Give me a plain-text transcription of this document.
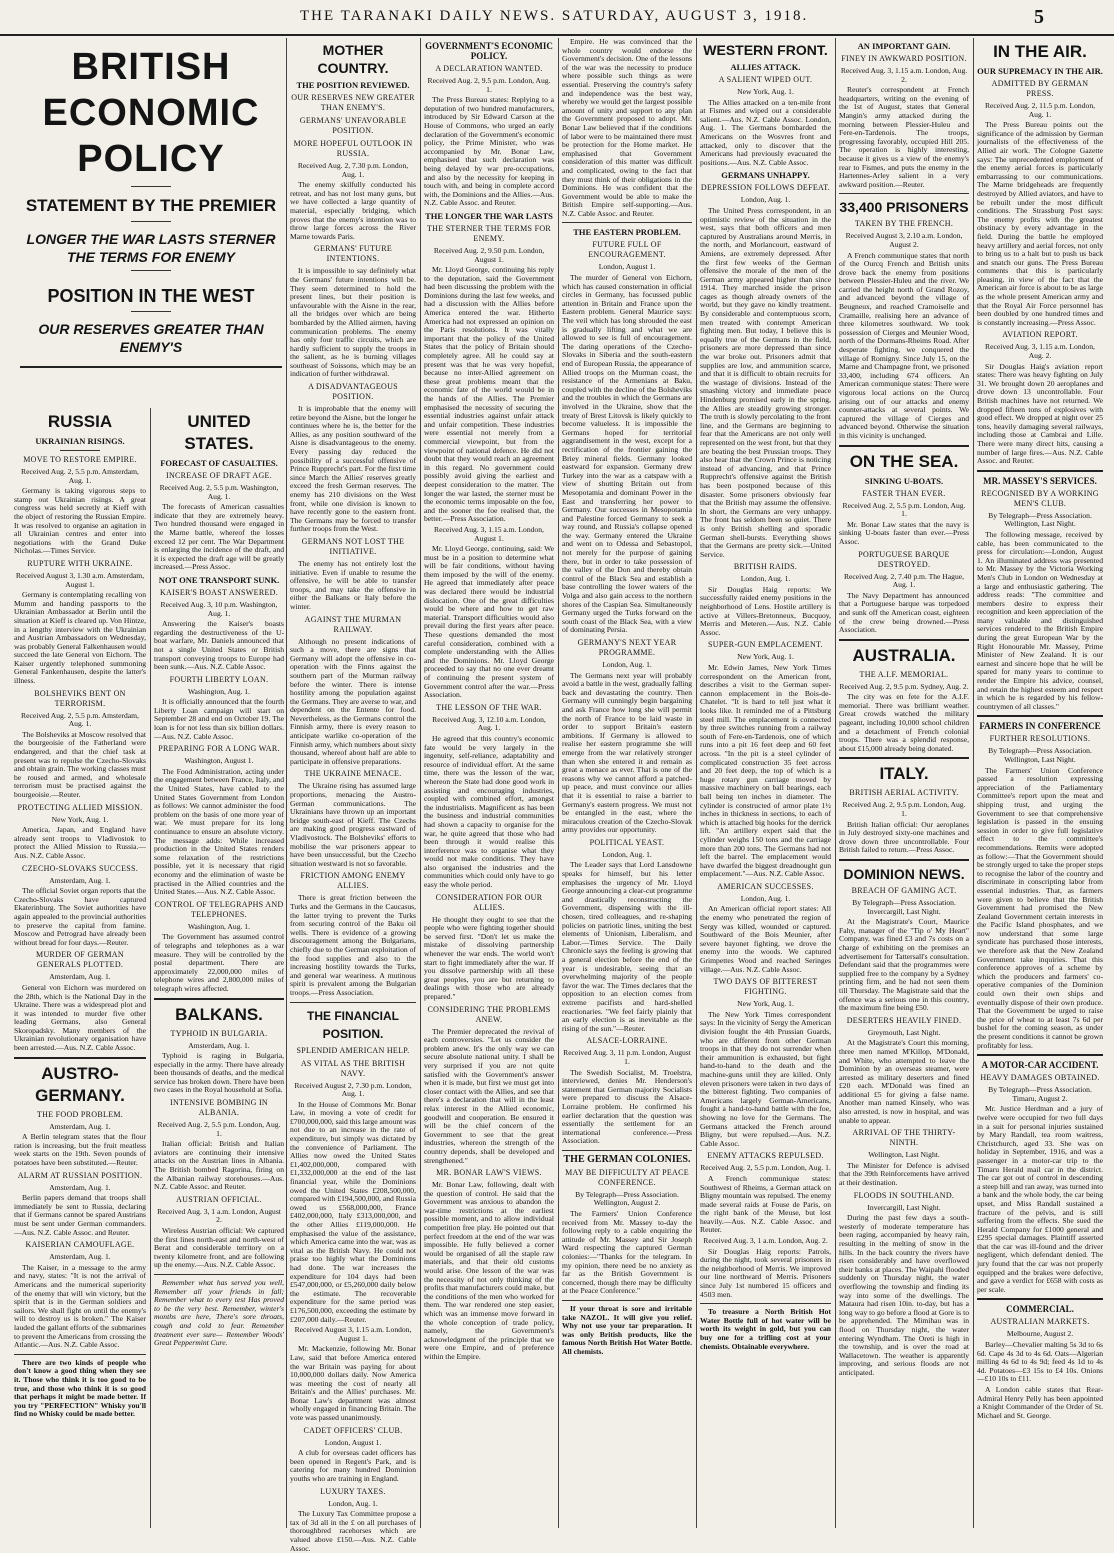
THE TARANAKI DAILY NEWS. SATURDAY, AUGUST 3, 1918.	5
BRITISH ECONOMIC POLICY
STATEMENT BY THE PREMIER
LONGER THE WAR LASTS STERNER THE TERMS FOR ENEMY
POSITION IN THE WEST
OUR RESERVES GREATER THAN ENEMY'S
RUSSIA
UKRAINIAN RISINGS.
MOVE TO RESTORE EMPIRE.
Received Aug. 2, 5.5 p.m. Amsterdam, Aug. 1.

Germany is taking vigorous steps to stamp out Ukrainian risings. A great congress was held secretly at Kieff with the object of restoring the Russian Empire. It was resolved to organise an agitation in all Ukrainian centres and enter into negotiations with the Grand Duke Nicholas.—Times Service.

RUPTURE WITH UKRAINE.
Received August 3, 1.30 a.m. Amsterdam, August 1.

Germany is contemplating recalling von Mumm and handing passports to the Ukrainian Ambassador at Berlin until the situation at Kieff is cleared up. Von Hintze, in a lengthy interview with the Ukrainian and Austrian Ambassadors on Wednesday, was probably General Falkenhausen would succeed the late General von Eichorn. The Kaiser urgently telephoned summoning General Fankenhausen, despite the latter's illness.

BOLSHEVIKS BENT ON TERRORISM.
Received Aug. 2, 5.5 p.m. Amsterdam, Aug. 1.

The Bolsheviks at Moscow resolved that the bourgeoisie of the Fatherland were endangered, and that the chief task at present was to repulse the Czecho-Slovaks and obtain grain. The working classes must be roused and armed, and wholesale terrorism must be practised against the bourgeoisie.—Reuter.

PROTECTING ALLIED MISSION.
New York, Aug. 1.

America, Japan, and England have already sent troops to Vladivostok to protect the Allied Mission to Russia.—Aus. N.Z. Cable Assoc.

CZECHO-SLOVAKS SUCCESS.
Amsterdam, Aug. 1.

The official Soviet organ reports that the Czecho-Slovaks have captured Ekaterinburg. The Soviet authorities have again appealed to the provincial authorities to preserve the capital from famine. Moscow and Petrograd have already been without bread for four days.—Reuter.

MURDER OF GERMAN GENERALS PLOTTED.
Amsterdam, Aug. 1.

General von Eichorn was murdered on the 28th, which is the National Day in the Ukraine. There was a widespread plot and it was intended to murder five other leading Germans, also General Skoropadsky. Many members of the Ukrainian revolutionary organisation have been arrested.—Aus. N.Z. Cable Assoc.

AUSTRO-GERMANY.
THE FOOD PROBLEM.
Amsterdam, Aug. 1.

A Berlin telegram states that the flour ration is increasing, but the fruit meatless week starts on the 19th. Seven pounds of potatoes have been substituted.—Reuter.

ALARM AT RUSSIAN POSITION.
Amsterdam, Aug. 1.

Berlin papers demand that troops shall immediately be sent to Russia, declaring that if Germans cannot be spared Austrians must be sent under German commanders.—Aus. N.Z. Cable Assoc. and Reuter.

KAISERIAN CAMOUFLAGE.
Amsterdam, Aug. 1.

The Kaiser, in a message to the army and navy, states: "It is not the arrival of Americans and the numerical superiority of the enemy that will win victory, but the spirit that is in the German soldiers and sailors. We shall fight on until the enemy's will to destroy us is broken." The Kaiser lauded the gallant efforts of the submarines to prevent the Americans from crossing the Atlantic.—Aus. N.Z. Cable Assoc.

There are two kinds of people who don't know a good thing when they see it. Those who think it is too good to be true, and those who think it is so good that perhaps it might be made better. If you try "PERFECTION" Whisky you'll find no Whisky could be made better.

UNITED STATES.
FORECAST OF CASUALTIES.
INCREASE OF DRAFT AGE.
Received Aug. 2, 5.5 p.m. Washington, Aug. 1.

The forecasts of American casualties indicate that they are extremely heavy. Two hundred thousand were engaged in the Marne battle, whereof the losses exceed 12 per cent. The War Department is enlarging the incidence of the draft, and it is expected the draft age will be greatly increased.—Press Assoc.

NOT ONE TRANSPORT SUNK.
KAISER'S BOAST ANSWERED.
Received Aug. 3, 10 p.m. Washington, Aug. 1.

Answering the Kaiser's boasts regarding the destructiveness of the U-boat warfare, Mr. Daniels announced that not a single United States or British transport conveying troops to Europe had been sunk.—Aus. N.Z. Cable Assoc.

FOURTH LIBERTY LOAN.
Washington, Aug. 1.

It is officially announced that the fourth Liberty Loan campaign will start on September 28 and end on October 19. The loan is for not less than six billion dollars.—Aus. N.Z. Cable Assoc.

PREPARING FOR A LONG WAR.
Washington, August 1.

The Food Administration, acting under the engagement between France, Italy, and the United States, have cabled to the United States Government from London as follows: We cannot administer the food problem on the basis of one more year of war. We must prepare for its long continuance to ensure an absolute victory. The message adds: While increased production in the United States renders some relaxation of the restrictions possible, yet it is necessary that rigid economy and the elimination of waste be practised in the Allied countries and the United States.—Aus. N.Z. Cable Assoc.

CONTROL OF TELEGRAPHS AND TELEPHONES.
Washington, Aug. 1.

The Government has assumed control of telegraphs and telephones as a war measure. They will be controlled by the postal department. There are approximately 22,000,000 miles of telephone wires and 2,800,000 miles of telegraph wires affected.

BALKANS.
TYPHOID IN BULGARIA.
Amsterdam, Aug. 1.

Typhoid is raging in Bulgaria, especially in the army. There have already been thousands of deaths, and the medical service has broken down. There have been two cases in the Royal household at Sofia.

INTENSIVE BOMBING IN ALBANIA.
Received Aug. 2, 5.5 p.m. London, Aug. 1.

Italian official: British and Italian aviators are continuing their intensive attacks on the Austrian lines in Albania. The British bombed Ragorina, firing on the Albanian railway storehouses.—Aus. N.Z. Cable Assoc. and Reuter.

AUSTRIAN OFFICIAL.
Received Aug. 3, 1 a.m. London, August 2.

Wireless Austrian official: We captured the first lines north-east and north-west of Berat and considerable territory on a twenty kilometre front, and are following up the enemy.—Aus. N.Z. Cable Assoc.

Remember what has served you well, Remember all your friends in fall; Remember what to every test Has proved to be the very best. Remember, winter's months are here, There's sore throats, cough and cold to fear. Remember treatment ever sure— Remember Woods' Great Peppermint Cure.

MOTHER COUNTRY.
THE POSITION REVIEWED.
OUR RESERVES NEW GREATER THAN ENEMY'S.
GERMANS' UNFAVORABLE POSITION.
MORE HOPEFUL OUTLOOK IN RUSSIA.
Received Aug. 2, 7.30 p.m. London, Aug. 1.

The enemy skilfully conducted his retreat, and has not lost many guns, but we have collected a large quantity of material, especially bridging, which proves that the enemy's intention was to throw large forces across the River Marne towards Paris.

GERMANS' FUTURE INTENTIONS.

It is impossible to say definitely what the Germans' future intentions will be. They seem determined to hold the present lines, but their position is unfavourable with the Aisne in the rear, all the bridges over which are being bombarded by the Allied airmen, having communication problems. The enemy has only four traffic circuits, which are hardly sufficient to supply the troops in the salient, as he is burning villages southeast of Soissons, which may be an indication of further withdrawal.

A DISADVANTAGEOUS POSITION.

It is improbable that the enemy will retire beyond the Aisne, but the longer he continues where he is, the better for the Allies, as any position southward of the Aisne is disadvantageous to the enemy. Every passing day reduced the possibility of a successful offensive of Prince Rupprecht's part. For the first time since March the Allies' reserves greatly exceed the fresh German reserves. The enemy has 210 divisions on the West front, while one division is known to have recently gone to the eastern front. The Germans may be forced to transfer further troops from the West.

GERMANS NOT LOST THE INITIATIVE.

The enemy has not entirely lost the initiative. Even if unable to resume the offensive, he will be able to transfer troops, and may take the offensive in either the Balkans or Italy before the winter.

AGAINST THE MURMAN RAILWAY.

Although no present indications of such a move, there are signs that Germany will adopt the offensive in co-operation with the Finns against the southern part of the Murman railway before the winter. There is intense hostility among the population against the Germans. They are averse to war, and dependent on the Entente for food. Nevertheless, as the Germans control the Finnish army, there is every reason to anticipate warlike co-operation of the Finnish army, which numbers about sixty thousand, whereof about half are able to participate in offensive preparations.

THE UKRAINE MENACE.

The Ukraine rising has assumed large proportions, menacing the Austro-German communications. The Ukrainians have thrown up an important bridge south-east of Kieff. The Czechs are making good progress eastward of Vladivostock. The Bolsheviks' efforts to mobilise the war prisoners appear to have been unsuccessful, but the Czecho situation westward is not so favorable.

FRICTION AMONG ENEMY ALLIES.

There is great friction between the Turks and the Germans in the Caucasus, the latter trying to prevent the Turks from securing control of the Baku oil wells. There is evidence of a growing discouragement among the Bulgarians, chiefly due to the German exploitation of the food supplies and also to the increasing hostility towards the Turks, and general war weariness. A mutinous spirit is prevalent among the Bulgarian troops.—Press Association.

THE FINANCIAL POSITION.
SPLENDID AMERICAN HELP.
AS VITAL AS THE BRITISH NAVY.
Received August 2, 7.30 p.m. London, Aug. 1.

In the House of Commons Mr. Bonar Law, in moving a vote of credit for £700,000,000, said this large amount was not due to an increase in the rate of expenditure, but simply was dictated by the convenience of Parliament. The Allies now owed the United States £1,402,000,000, compared with £1,332,000,000 at the end of the last financial year, while the Dominions owed the United States £208,500,000, compared with £194,500,000, and Russia owed us £568,000,000, France £402,000,000, Italy £313,000,000, and the other Allies £119,000,000. He emphasised the value of the assistance, which America came into the war, was as vital as the British Navy. He could not praise too highly what the Dominions had done. The war increases the expenditure for 104 days had been £547,000,000, or £5,260,000 daily below the estimate. The recoverable expenditure for the same period was £176,500,000, exceeding the estimate by £207,000 daily.—Reuter.

Received August 3, 1.15 a.m. London, August 1.

Mr. Mackenzie, following Mr. Bonar Law, said that before America entered the war Britain was paying for about 10,000,000 dollars daily. Now America was meeting the cost of nearly all Britain's and the Allies' purchases. Mr. Bonar Law's department was almost wholly engaged in financing Britain. The vote was passed unanimously.

CADET OFFICERS' CLUB.
London, August 1.

A club for overseas cadet officers has been opened in Regent's Park, and is catering for many hundred Dominion youths who are training in England.

LUXURY TAXES.
London, Aug. 1.

The Luxury Tax Committee propose a tax of 3d all in the £ on all purchases of thoroughbred racehorses which are valued above £150.—Aus. N.Z. Cable Assoc.

GOVERNMENT'S ECONOMIC POLICY.
A DECLARATION WANTED.
Received Aug. 2, 9.5 p.m. London, Aug. 1.

The Press Bureau states: Replying to a deputation of two hundred manufacturers, introduced by Sir Edward Carson at the House of Commons, who urged an early declaration of the Government's economic policy, the Prime Minister, who was accompanied by Mr. Bonar Law, emphasised that such declaration was being delayed by war pre-occupations, and also by the necessity for keeping in touch with, and being in complete accord with, the Dominions and the Allies.—Aus. N.Z. Cable Assoc. and Reuter.

THE LONGER THE WAR LASTS
THE STERNER THE TERMS FOR ENEMY.
Received Aug. 2, 9.50 p.m. London, August 1.

Mr. Lloyd George, continuing his reply to the deputation, said the Government had been discussing the problem with the Dominions during the last few weeks, and had a discussion with the Allies before America entered the war. Hitherto America had not expressed an opinion on the Paris resolutions. It was vitally important that the policy of the United States that the policy of Britain should completely agree. All he could say at present was that he was very hopeful, because no inter-Allied agreement on these great problems meant that the economic fate of the world would be in the hands of the Allies. The Premier emphasised the necessity of securing the essential industries against unfair attack and unfair competition. These industries were essential not merely from a commercial viewpoint, but from the viewpoint of national defence. He did not doubt that they would reach an agreement in this regard. No government could possibly avoid giving the earliest and deepest consideration to the matter. The longer the war lasted, the sterner must be the economic terms imposable on the foe, and the sooner the foe realised that, the better.—Press Association.

Received Aug. 3, 1.15 a.m. London, August 1.

Mr. Lloyd George, continuing, said: We must be in a position to determine what will be fair conditions, without having them imposed by the will of the enemy. He agreed that immediately after peace was declared there would be industrial dislocation. One of the great difficulties would be where and how to get raw material. Transport difficulties would also prevail during the first years after peace. These questions demanded the most careful consideration, combined with a complete understanding with the Allies and the Dominions. Mr. Lloyd George proceeded to say that no one ever dreamt of continuing the present system of Government control after the war.—Press Association.

THE LESSON OF THE WAR.
Received Aug. 3, 12.10 a.m. London, Aug. 1.

He agreed that this country's economic fate would be very largely in the ingenuity, self-reliance, adaptability and resource of individual effort. At the same time, there was the lesson of the war, whereon the State had done good work in assisting and encouraging industries, coupled with combined effort, amongst the industrialists. Magnificent as has been the business and industrial communities had shown a capacity to organise for the war, he quite agreed that those who had been through it would realise this interference was to organise what they would not make conditions. They have also organised the industries and the communities which could only have to go easy the whole period.

CONSIDERATION FOR OUR ALLIES.

He thought they ought to see that the people who were fighting together should be served first. "Don't let us make the mistake of dissolving partnership whenever the war ends. The world won't start to fight immediately after the war. If you dissolve partnership with all these great peoples, you are but returning to dealings with those who are already prepared."

CONSIDERING THE PROBLEMS ANEW.

The Premier deprecated the revival of each controversies. "Let us consider the problem anew. It's the only way we can secure absolute national unity. I shall be very surprised if you are not quite satisfied with the Government's answer when it is made, but first we must get into closer contact with the Allies, and see that there's a declaration that will in the least relax interest in the Allied economic, goodwill and cooperation. Be ensured it will be the chief concern of the Government to see that the great industries, whereon the strength of the country depends, shall be developed and strengthened."

MR. BONAR LAW'S VIEWS.

Mr. Bonar Law, following, dealt with the question of control. He said that the Government was anxious to abandon the war-time restrictions at the earliest possible moment, and to allow individual competition free play. He pointed out that perfect freedom at the end of the war was impossible. He fully believed a corner would be organised of all the staple raw materials, and that their old customs would arise. One lesson of the war was the necessity of not only thinking of the profits that manufacturers could make, but the conditions of the men who worked for them. The war rendered one step easier, which was an immense move forward in the whole conception of trade policy, namely, the Government's acknowledgment of the principle that we were one Empire, and of preference within the Empire.

Empire. He was convinced that the whole country would endorse the Government's decision. One of the lessons of the war was the necessity to produce where possible such things as were essential. Preserving the country's safety and independence was the best way, whereby we would get the largest possible amount of unity and support to any plan the Government proposed to adopt. Mr. Bonar Law believed that if the conditions of labor were to be maintained there must be protection for the Home market. He emphasised that Government consideration of this matter was difficult and complicated, owing to the fact that they must think of their obligations in the Dominions. He was confident that the Government would be able to make the British Empire self-supporting.—Aus. N.Z. Cable Assoc. and Reuter.

THE EASTERN PROBLEM.
FUTURE FULL OF ENCOURAGEMENT.
London, August 1.

The murder of General von Eichorn, which has caused consternation in official circles in Germany, has focussed public attention in Britain and France upon the Eastern problem. General Maurice says: The veil which has long shrouded the east is gradually lifting and what we are allowed to see is full of encouragement. The daring operations of the Czecho-Slovaks in Siberia and the south-eastern end of European Russia, the appearance of Allied troops on the Murman coast, the resistance of the Armenians at Baku, coupled with the decline of the Bolsheviks and the troubles in which the Germans are involved in the Ukraine, show that the treaty of Brest Litovsk is likely quickly to become valueless. It is impossible the Germans hoped for territorial aggrandisement in the west, except for a rectification of the frontier gaining the Briey mineral fields. Germany looked eastward for expansion. Germany drew Turkey into the war as a catspaw with a view of shutting Britain out from Mesopotamia and dominant Power in the East and transferring her power to Germany. Our successes in Mesopotamia and Palestine forced Germany to seek a way round, and Russia's collapse opened the way. Germany entered the Ukraine and went on to Odessa and Sebastopol, not merely for the purpose of gaining there, but in order to take possession of the valley of the Don and thereby obtain control of the Black Sea and establish a base controlling the lower waters of the Volga and also gain access to the northern shores of the Caspian Sea. Simultaneously Germany urged the Turks forward on the south coast of the Black Sea, with a view of dominating Persia.

GERMANY'S NEXT YEAR PROGRAMME.
London, Aug. 1.

The Germans next year will probably avoid a battle in the west, gradually falling back and devastating the country. Then Germany will cunningly begin bargaining and ask France how long she will permit the north of France to be laid waste in order to support Britain's eastern ambitions. If Germany is allowed to realise her eastern programme she will emerge from the war relatively stronger than when she entered it and remain as great a menace as ever. That is one of the reasons why we cannot afford a patched-up peace, and must convince our allies that it is essential to raise a barrier to Germany's eastern progress. We must not be entangled in the east, where the miraculous creation of the Czecho-Slovak army provides our opportunity.

POLITICAL YEAST.
London, Aug. 1.

The Leader says that Lord Lansdowne speaks for himself, but his letter emphasises the urgency of Mr. Lloyd George announcing a clear-cut programme and drastically reconstructing the Government, dispensing with the ill-chosen, tired colleagues, and re-shaping policies on patriotic lines, uniting the best elements of Unionism, Liberalism, and Labor.—Times Service. The Daily Chronicle says the feeling is growing that a general election before the end of the year is undesirable, seeing that an overwhelming majority of the people favor the war. The Times declares that the opposition to an election comes from extreme pacifists and hard-shelled reactionaries. "We feel fairly plainly that an early election is as inevitable as the rising of the sun."—Reuter.

ALSACE-LORRAINE.
Received Aug. 3, 11 p.m. London, August 1.

The Swedish Socialist, M. Troelstra, interviewed, denies Mr. Henderson's statement that German majority Socialists were prepared to discuss the Alsace-Lorraine problem. He confirmed his earlier declaration that the question was essentially the settlement for an international conference.—Press Association.

THE GERMAN COLONIES.
MAY BE DIFFICULTY AT PEACE CONFERENCE.
By Telegraph—Press Association. Wellington, August 2.

The Farmers' Union Conference received from Mr. Massey to-day the following reply to a cable enquiring the attitude of Mr. Massey and Sir Joseph Ward respecting the captured German colonies:—"Thanks for the telegram. In my opinion, there need be no anxiety as far as the British Government is concerned, though there may be difficulty at the Peace Conference."

If your throat is sore and irritable take NAZOL. It will give you relief. Why not use your tar preparation. It was only British products, like the famous North British Hot Water Bottle. All chemists.

WESTERN FRONT.
ALLIES ATTACK.
A SALIENT WIPED OUT.
New York, Aug. 1.

The Allies attacked on a ten-mile front at Fismes and wiped out a considerable salient.—Aus. N.Z. Cable Assoc. London, Aug. 1. The Germans bombarded the Americans on the Wosvres front and attacked, only to discover that the Americans had previously evacuated the positions.—Aus. N.Z. Cable Assoc.

GERMANS UNHAPPY.
DEPRESSION FOLLOWS DEFEAT.
London, Aug. 1.

The United Press correspondent, in an optimistic review of the situation in the west, says that both officers and men captured by Australians around Merris, in the north, and Morlancourt, eastward of Amiens, are extremely depressed. After the first few weeks of the German offensive the morale of the men of the German army appeared higher than since 1914. They marched inside the prison cages as though already owners of the world, but they gave no kindly treatment. By considerable and contemptuous scorn, men treated with contempt American fighting men. But today, I believe this is equally true of the Germans in the field, prisoners are more depressed than since the war broke out. Prisoners admit that supplies are low, and ammunition scarce, and that it is difficult to obtain recruits for the wastage of divisions. Instead of the smashing victory and immediate peace Hindenburg promised early in the spring, the Allies are steadily growing stronger. The truth is slowly percolating to the front line, and the Germans are beginning to fear that the Americans are not only well represented on the west front, but that they are beating the best Prussian troops. They also hear that the Crown Prince is noticing instead of advancing, and that Prince Rupprecht's offensive against the British has been postponed because of this disaster. Some prisoners obviously fear that the British may assume the offensive. In short, the Germans are very unhappy. The front has seldom been so quiet. There is only British shelling and sporadic German shell-bursts. Everything shows that the Germans are pretty sick.—United Service.

BRITISH RAIDS.
London, Aug. 1.

Sir Douglas Haig reports: We successfully raided enemy positions in the neighborhood of Lens. Hostile artillery is active at Villers-Bretonneux, Bucquoy, Merris and Meteren.—Aus. N.Z. Cable Assoc.

SUPER-GUN EMPLACEMENT.
New York, Aug. 1.

Mr. Edwin James, New York Times correspondent on the American front, describes a visit to the German super-cannon emplacement in the Bois-de-Chatelet. "It is hard to tell just what it looks like. It reminded me of a Pittsburg steel mill. The emplacement is connected by three switches running from a railway south of Fere-en-Tardenois, one of which runs into a pit 16 feet deep and 60 feet across. "In the pit is a steel cylinder of complicated construction 35 feet across and 20 feet deep, the top of which is a huge rotary gun carriage moved by massive machinery on ball bearings, each ball being ten inches in diameter. The cylinder is constructed of armor plate 1½ inches in thickness in sections, to each of which is attached big hooks for the derrick lift. "An artillery expert said that the cylinder weighs 150 tons and the carriage more than 200 tons. The Germans had not left the barrel. The emplacement would have dwarfed the biggest dreadnought gun emplacement."—Aus. N.Z. Cable Assoc.

AMERICAN SUCCESSES.
London, Aug. 1.

An American official report states: All the enemy who penetrated the region of Sergy was killed, wounded or captured. Southward of the Bois Meunier, after severe bayonet fighting, we drove the enemy into the woods. We captured Grimpettes Wood and reached Seringes village.—Aus. N.Z. Cable Assoc.

TWO DAYS OF BITTEREST FIGHTING.
New York, Aug. 1.

The New York Times correspondent says: In the vicinity of Sergy the American division fought the 4th Prussian Guards, who are different from other German troops in that they do not surrender when their ammunition is exhausted, but fight hand-to-hand to the death and the machine-guns until they are killed. Only eleven prisoners were taken in two days of the bitterest fighting. Two companies of Americans largely German-Americans, fought a hand-to-hand battle with the foe, showing no love for the Germans. The Germans attacked the French around Bligny, but were repulsed.—Aus. N.Z. Cable Assoc.

ENEMY ATTACKS REPULSED.
Received Aug. 2, 5.5 p.m. London, Aug. 1.

A French communique states: Southwest of Rheims, a German attack on Bligny mountain was repulsed. The enemy made several raids at Fouse de Paris, on the right bank of the Meuse, but lost heavily.—Aus. N.Z. Cable Assoc. and Reuter.

Received Aug. 3, 1 a.m. London, Aug. 2.

Sir Douglas Haig reports: Patrols, during the night, took several prisoners in the neighborhood of Merris. We improved our line northward of Merris. Prisoners since July 1st numbered 15 officers and 4503 men.

To treasure a North British Hot Water Bottle full of hot water will be worth its weight in gold, but you can buy one for a trifling cost at your chemists. Obtainable everywhere.

AN IMPORTANT GAIN.
FINEY IN AWKWARD POSITION.
Received Aug. 3, 1.15 a.m. London, Aug. 2.

Reuter's correspondent at French headquarters, writing on the evening of the 1st of August, states that General Mangin's army attacked during the morning between Plessier-Huleu and Fere-en-Tardenois. The troops, progressing favorably, occupied Hill 205. The operation is highly interesting, because it gives us a view of the enemy's rear to Fismes, and puts the enemy in the Hartennes-Arley salient in a very awkward position.—Reuter.

33,400 PRISONERS
TAKEN BY THE FRENCH.
Received August 3, 2.10 a.m. London, August 2.

A French communique states that north of the Ourcq French and British units drove back the enemy from positions between Plessier-Huleu and the river. We carried the height north of Grand Rozoy, and advanced beyond the village of Beugneux, and reached Cramoiselle and Cramaille, realising here an advance of three kilometres southward. We took possession of Cierges and Meunier Wood, north of the Dormans-Rheims Road. After desperate fighting, we conquered the village of Romigny. Since July 15, on the Marne and Champagne front, we prisoned 33,400, including 674 officers. An American communique states: There were vigorous local actions on the Ourcq arising out of our attacks and enemy counter-attacks at several points. We captured the village of Cierges and advanced beyond. Otherwise the situation in this vicinity is unchanged.

ON THE SEA.
SINKING U-BOATS.
FASTER THAN EVER.
Received Aug. 2, 5.5 p.m. London, Aug. 1.

Mr. Bonar Law states that the navy is sinking U-boats faster than ever.—Press Assoc.

PORTUGUESE BARQUE DESTROYED.
Received Aug. 2, 7.40 p.m. The Hague, Aug. 1.

The Navy Department has announced that a Portuguese barque was torpedoed and sunk off the American coast, eighteen of the crew being drowned.—Press Association.

AUSTRALIA.
THE A.I.F. MEMORIAL.
Received Aug. 2, 9.5 p.m. Sydney, Aug. 2.

The city was en fete for the A.I.F. memorial. There was brilliant weather. Great crowds watched the military pageant, including 10,000 school children and a detachment of French colonial troops. There was a splendid response, about £15,000 already being donated.

ITALY.
BRITISH AERIAL ACTIVITY.
Received Aug. 2, 9.5 p.m. London, Aug. 1.

British Italian official: Our aeroplanes in July destroyed sixty-one machines and drove down three uncontrollable. Four British failed to return.—Press Assoc.

DOMINION NEWS.
BREACH OF GAMING ACT.
By Telegraph—Press Association. Invercargill, Last Night.

At the Magistrate's Court, Maurice Fahy, manager of the "Tip o' My Heart" Company, was fined £3 and 7s costs on a charge of exhibiting on the premises an advertisement for Tattersall's consultation. Defendant said that the programmes were supplied free to the company by a Sydney printing firm, and he had not seen them till Thursday. The Magistrate said that the offence was a serious one in this country, the maximum fine being £50.

DESERTERS HEAVILY FINED.
Greymouth, Last Night.

At the Magistrate's Court this morning, three men named M'Killop, M'Donald, and White, who attempted to leave the Dominion by an overseas steamer, were arrested as military deserters and fined £20 each. M'Donald was fined an additional £5 for giving a false name. Another man named Kinsely, who was also arrested, is now in hospital, and was unable to appear.

ARRIVAL OF THE THIRTY-NINTH.
Wellington, Last Night.

The Minister for Defence is advised that the 39th Reinforcements have arrived at their destination.

FLOODS IN SOUTHLAND.
Invercargill, Last Night.

During the past few days a south-westerly of moderate temperature has been raging, accompanied by heavy rain, resulting in the melting of snow in the hills. In the back country the rivers have risen considerably and have overflowed their banks at places. The Waipahi flooded suddenly on Thursday night, the water overflowing the township and finding its way into some of the dwellings. The Mataura had risen 10in. to-day, but has a long way to go before a flood at Gore is to be apprehended. The Mimihau was in flood on Thursday night, the water entering Wyndham. The Oreti is high in the township, and is over the road at Wallacetown. The weather is apparently improving, and serious floods are not anticipated.

IN THE AIR.
OUR SUPREMACY IN THE AIR.
ADMITTED BY GERMAN PRESS.
Received Aug. 2, 11.5 p.m. London, Aug. 1.

The Press Bureau points out the significance of the admission by German journalists of the effectiveness of the Allied air work. The Cologne Gazette says: The unprecedented employment of the enemy aerial forces is particularly embarrassing to our communications. The Marne bridgeheads are frequently destroyed by Allied aviators, and have to be rebuilt under the most difficult conditions. The Strassburg Post says: The enemy profits with the greatest obstinacy by every advantage in the field. During the battle he employed heavy artillery and aerial forces, not only to bring us to a halt but to push us back and snatch our guns. The Press Bureau comments that this is particularly pleasing, in view of the fact that the American air force is about to be as large as the whole present American army and that the Royal Air Force personnel has been doubled by one hundred times and is constantly increasing.—Press Assoc.

AVIATION REPORT.
Received Aug. 3, 1.15 a.m. London, Aug. 2.

Sir Douglas Haig's aviation report states: There was heavy fighting on July 31. We brought down 20 aeroplanes and drove down 13 uncontrollable. Four British machines have not returned. We dropped fifteen tons of explosives with good effect. We dropped at night over 25 tons, heavily damaging several railways, including those at Cambrai and Lille. There were many direct hits, causing a number of large fires.—Aus. N.Z. Cable Assoc. and Reuter.

MR. MASSEY'S SERVICES.
RECOGNISED BY A WORKING MEN'S CLUB.
By Telegraph—Press Association. Wellington, Last Night.

The following message, received by cable, has been communicated to the press for circulation:—London, August 1. An illuminated address was presented to Mr. Massey by the Victoria Working Men's Club in London on Wednesday at a large and enthusiastic gathering. The address reads: "The committee and members desire to express their recognition and keen appreciation of the many valuable and distinguished services rendered to the British Empire during the great European War by the Right Honourable Mr. Massey, Prime Minister of New Zealand. It is our earnest and sincere hope that he will be spared for many years to continue to render the Empire his advice, counsel, and retain the highest esteem and respect in which he is regarded by his fellow-countrymen of all classes."

FARMERS IN CONFERENCE
FURTHER RESOLUTIONS.
By Telegraph—Press Association. Wellington, Last Night.

The Farmers' Union Conference passed a resolution expressing appreciation of the Parliamentary Committee's report upon the meat and shipping trust, and urging the Government to see that comprehensive legislation is passed in the ensuing session in order to give full legislative effect to the committee's recommendations. Remits were adopted as follow:—That the Government should be strongly urged to take the proper steps to recognise the labor of the country and discriminate in conscripting labor from essential industries. That, as farmers were given to believe that the British Government had promised the New Zealand Government certain interests in the Pacific Island phosphates, and we now understand that some large syndicate has purchased those interests, we therefore ask that the New Zealand Government take inquiries. That this conference approves of a scheme by which the producers and farmers' co-operative companies of the Dominion could own their own ships and eventually dispose of their own produce. That the Government be urged to raise the price of wheat to at least 7s 6d per bushel for the coming season, as under the present conditions it cannot be grown profitably for less.

A MOTOR-CAR ACCIDENT.
HEAVY DAMAGES OBTAINED.
By Telegraph—Press Association. Timaru, August 2.

Mr. Justice Herdman and a jury of twelve were occupied for two full days in a suit for personal injuries sustained by Mary Randall, tea room waitress, Christchurch, aged 33. She was on holiday in September, 1916, and was a passenger in a motor-car trip to the Timaru Herald mail car in the district. The car got out of control in descending a steep hill and ran away, was turned into a bank and the whole body, the car being upset, and Miss Randall sustained a fracture of the pelvis, and is still suffering from the effects. She sued the Herald Company for £1000 general and £295 special damages. Plaintiff asserted that the car was ill-found and the driver negligent, which defendant denied. The jury found that the car was not properly equipped and the brakes were defective, and gave a verdict for £658 with costs as per scale.

COMMERCIAL.
AUSTRALIAN MARKETS.
Melbourne, August 2.

Barley—Chevalier malting 5s 3d to 6s 6d. Cape 4s 3d to 4s 6d. Oats—Algerian milling 4s 6d to 4s 9d; feed 4s 1d to 4s 4d. Potatoes—£3 15s to £4 10s. Onions—£10 10s to £11.

A London cable states that Rear-Admiral Henry Pelly has been appointed a Knight Commander of the Order of St. Michael and St. George.
